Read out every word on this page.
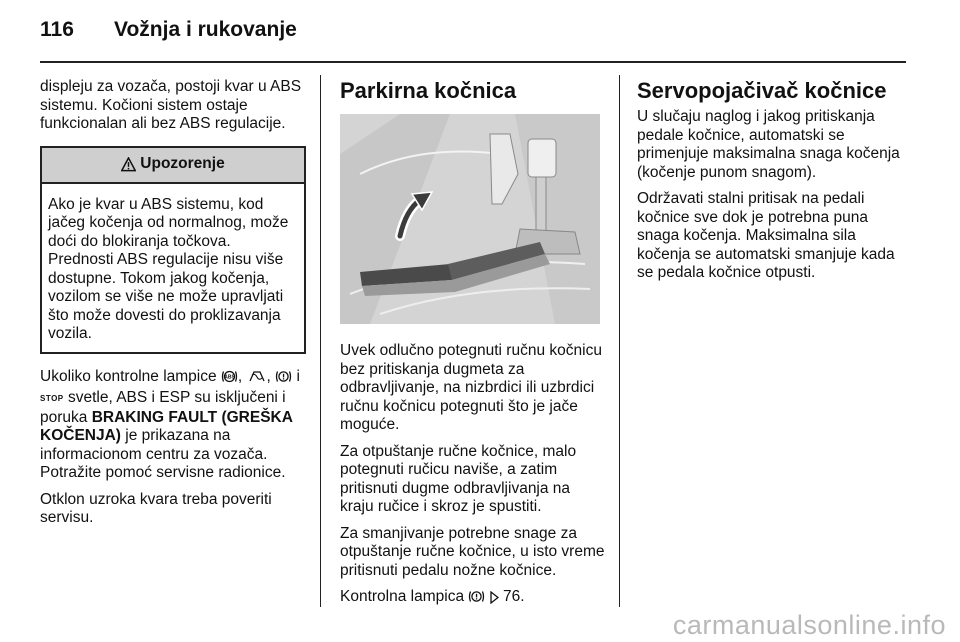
116 Vožnja i rukovanje

displeju za vozača, postoji kvar u ABS sistemu. Kočioni sistem ostaje funkcionalan ali bez ABS regulacije.

Upozorenje
Ako je kvar u ABS sistemu, kod jačeg kočenja od normalnog, može doći do blokiranja točkova. Prednosti ABS regulacije nisu više dostupne. Tokom jakog kočenja, vozilom se više ne može upravljati što može dovesti do proklizavanja vozila.

Ukoliko kontrolne lampice ABS , , i
STOP svetle, ABS i ESP su isključeni i poruka BRAKING FAULT (GREŠKA KOČENJA) je prikazana na informacionom centru za vozača. Potražite pomoć servisne radionice.

Otklon uzroka kvara treba poveriti servisu.

Parkirna kočnica

Uvek odlučno potegnuti ručnu kočnicu bez pritiskanja dugmeta za odbravljivanje, na nizbrdici ili uzbrdici ručnu kočnicu potegnuti što je jače moguće.

Za otpuštanje ručne kočnice, malo potegnuti ručicu naviše, a zatim pritisnuti dugme odbravljivanja na kraju ručice i skroz je spustiti.

Za smanjivanje potrebne snage za otpuštanje ručne kočnice, u isto vreme pritisnuti pedalu nožne kočnice.

Kontrolna lampica	76.

Servopojačivač kočnice

U slučaju naglog i jakog pritiskanja pedale kočnice, automatski se primenjuje maksimalna snaga kočenja (kočenje punom snagom).

Održavati stalni pritisak na pedali kočnice sve dok je potrebna puna snaga kočenja. Maksimalna sila kočenja se automatski smanjuje kada se pedala kočnice otpusti.

carmanualsonline.info
